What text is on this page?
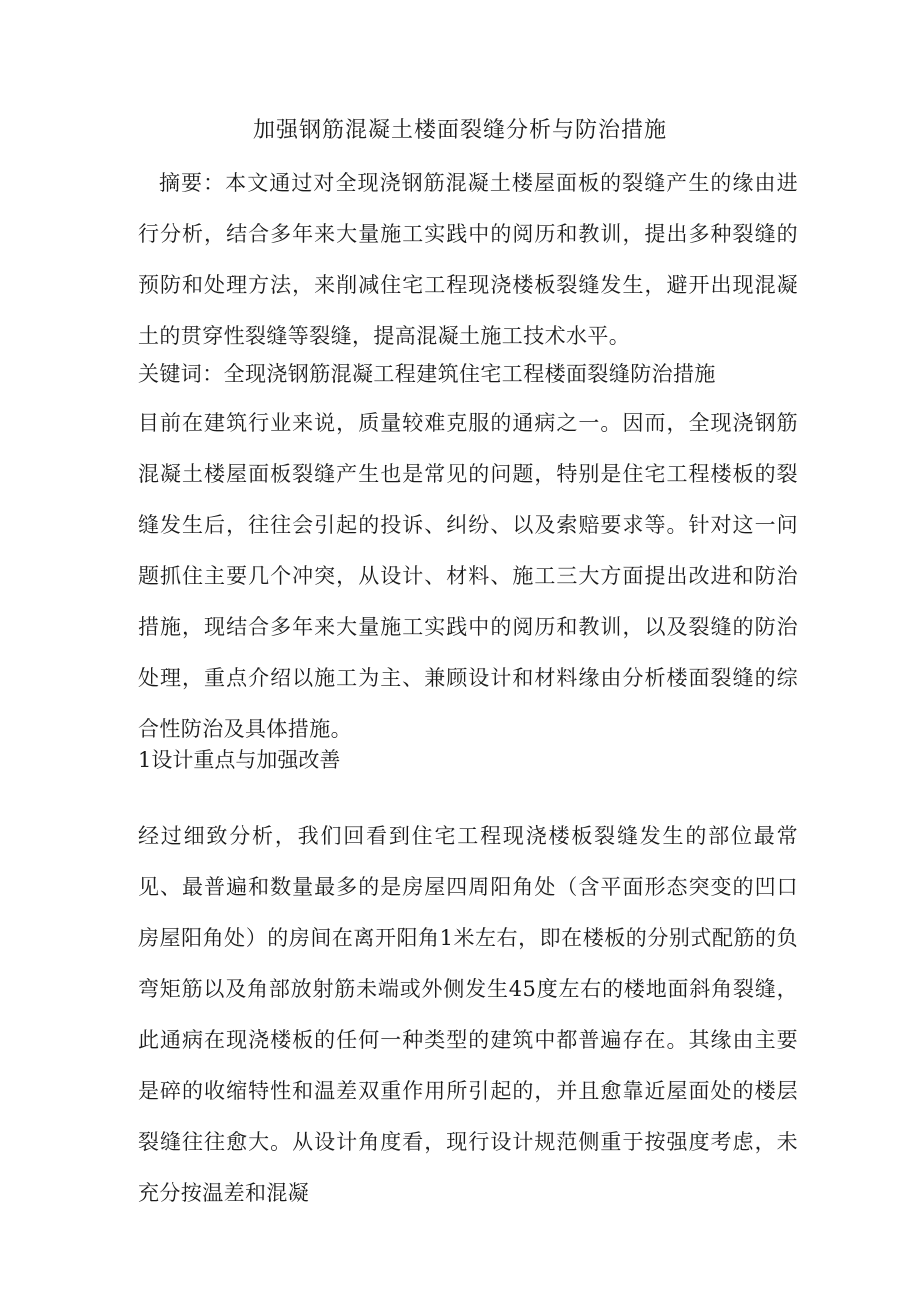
加强钢筋混凝土楼面裂缝分析与防治措施

摘要：本文通过对全现浇钢筋混凝土楼屋面板的裂缝产生的缘由进行分析，结合多年来大量施工实践中的阅历和教训，提出多种裂缝的预防和处理方法，来削减住宅工程现浇楼板裂缝发生，避开出现混凝土的贯穿性裂缝等裂缝，提高混凝土施工技术水平。

关键词：全现浇钢筋混凝工程建筑住宅工程楼面裂缝防治措施

目前在建筑行业来说，质量较难克服的通病之一。因而，全现浇钢筋混凝土楼屋面板裂缝产生也是常见的问题，特别是住宅工程楼板的裂缝发生后，往往会引起的投诉、纠纷、以及索赔要求等。针对这一问题抓住主要几个冲突，从设计、材料、施工三大方面提出改进和防治措施，现结合多年来大量施工实践中的阅历和教训，以及裂缝的防治处理，重点介绍以施工为主、兼顾设计和材料缘由分析楼面裂缝的综合性防治及具体措施。

1设计重点与加强改善

经过细致分析，我们回看到住宅工程现浇楼板裂缝发生的部位最常见、最普遍和数量最多的是房屋四周阳角处（含平面形态突变的凹口房屋阳角处）的房间在离开阳角1米左右，即在楼板的分别式配筋的负弯矩筋以及角部放射筋未端或外侧发生45度左右的楼地面斜角裂缝，此通病在现浇楼板的任何一种类型的建筑中都普遍存在。其缘由主要是碎的收缩特性和温差双重作用所引起的，并且愈靠近屋面处的楼层裂缝往往愈大。从设计角度看，现行设计规范侧重于按强度考虑，未充分按温差和混凝
